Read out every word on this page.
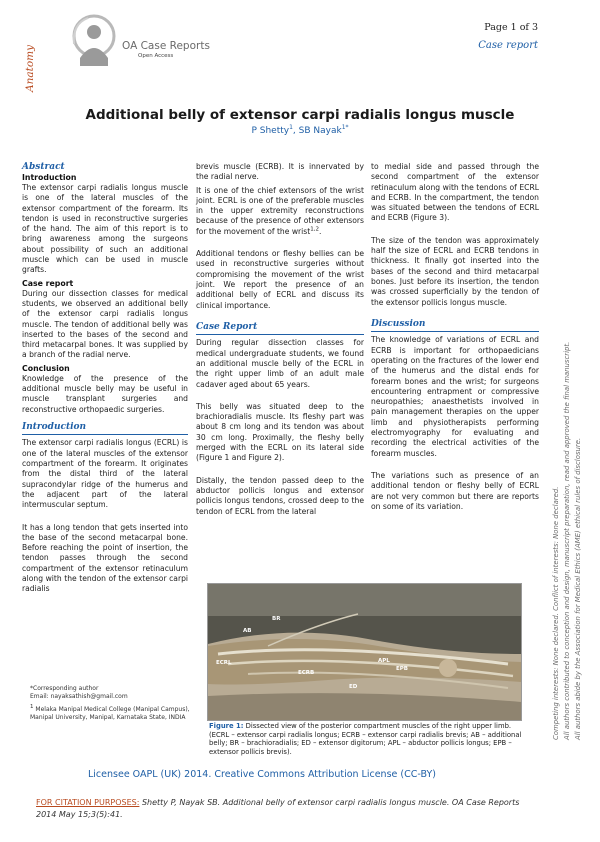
Page 1 of 3
Case report
OA Case Reports
Open Access
Anatomy
Additional belly of extensor carpi radialis longus muscle
P Shetty$^1$, SB Nayak$^{1*}$
Abstract
Introduction

The extensor carpi radialis longus muscle is one of the lateral muscles of the extensor compartment of the forearm. Its tendon is used in reconstructive surgeries of the hand. The aim of this report is to bring awareness among the surgeons about possibility of such an additional muscle which can be used in muscle grafts.

Case report

During our dissection classes for medical students, we observed an additional belly of the extensor carpi radialis longus muscle. The tendon of additional belly was inserted to the bases of the second and third metacarpal bones. It was supplied by a branch of the radial nerve.

Conclusion

Knowledge of the presence of the additional muscle belly may be useful in muscle transplant surgeries and reconstructive orthopaedic surgeries.

Introduction

The extensor carpi radialis longus (ECRL) is one of the lateral muscles of the extensor compartment of the forearm. It originates from the distal third of the lateral supracondylar ridge of the humerus and the adjacent part of the lateral intermuscular septum.

It has a long tendon that gets inserted into the base of the second metacarpal bone. Before reaching the point of insertion, the tendon passes through the second compartment of the extensor retinaculum along with the tendon of the extensor carpi radialis

brevis muscle (ECRB). It is innervated by the radial nerve.

It is one of the chief extensors of the wrist joint. ECRL is one of the preferable muscles in the upper extremity reconstructions because of the presence of other extensors for the movement of the wrist$^{1,2}$.

Additional tendons or fleshy bellies can be used in reconstructive surgeries without compromising the movement of the wrist joint. We report the presence of an additional belly of ECRL and discuss its clinical importance.

Case Report

During regular dissection classes for medical undergraduate students, we found an additional muscle belly of the ECRL in the right upper limb of an adult male cadaver aged about 65 years.

This belly was situated deep to the brachioradialis muscle. Its fleshy part was about 8 cm long and its tendon was about 30 cm long. Proximally, the fleshy belly merged with the ECRL on its lateral side (Figure 1 and Figure 2).

Distally, the tendon passed deep to the abductor pollicis longus and extensor pollicis longus tendons, crossed deep to the tendon of ECRL from the lateral

to medial side and passed through the second compartment of the extensor retinaculum along with the tendons of ECRL and ECRB. In the compartment, the tendon was situated between the tendons of ECRL and ECRB (Figure 3).

The size of the tendon was approximately half the size of ECRL and ECRB tendons in thickness. It finally got inserted into the bases of the second and third metacarpal bones. Just before its insertion, the tendon was crossed superficially by the tendon of the extensor pollicis longus muscle.

Discussion

The knowledge of variations of ECRL and ECRB is important for orthopaedicians operating on the fractures of the lower end of the humerus and the distal ends for forearm bones and the wrist; for surgeons encountering entrapment or compressive neuropathies; anaesthetists involved in pain management therapies on the upper limb and physiotherapists performing electromyography for evaluating and recording the electrical activities of the forearm muscles.

The variations such as presence of an additional tendon or fleshy belly of ECRL are not very common but there are reports on some of its variation.

*Corresponding author
Email: nayaksathish@gmail.com
$^1$ Melaka Manipal Medical College (Manipal Campus), Manipal University, Manipal, Karnataka State, INDIA
BR
AB
ECRL
ECRB
APL
EPB
ED
Figure 1: Dissected view of the posterior compartment muscles of the right upper limb. (ECRL – extensor carpi radialis longus; ECRB – extensor carpi radialis brevis; AB – additional belly; BR – brachioradialis; ED – extensor digitorum; APL – abductor pollicis longus; EPB – extensor pollicis brevis).
Competing interests: None declared. Conflict of interests: None declared. All authors contributed to conception and design, manuscript preparation, read and approved the final manuscript. All authors abide by the Association for Medical Ethics (AME) ethical rules of disclosure.
Licensee OAPL (UK) 2014. Creative Commons Attribution License (CC-BY)
FOR CITATION PURPOSES: Shetty P, Nayak SB. Additional belly of extensor carpi radialis longus muscle. OA Case Reports 2014 May 15;3(5):41.
